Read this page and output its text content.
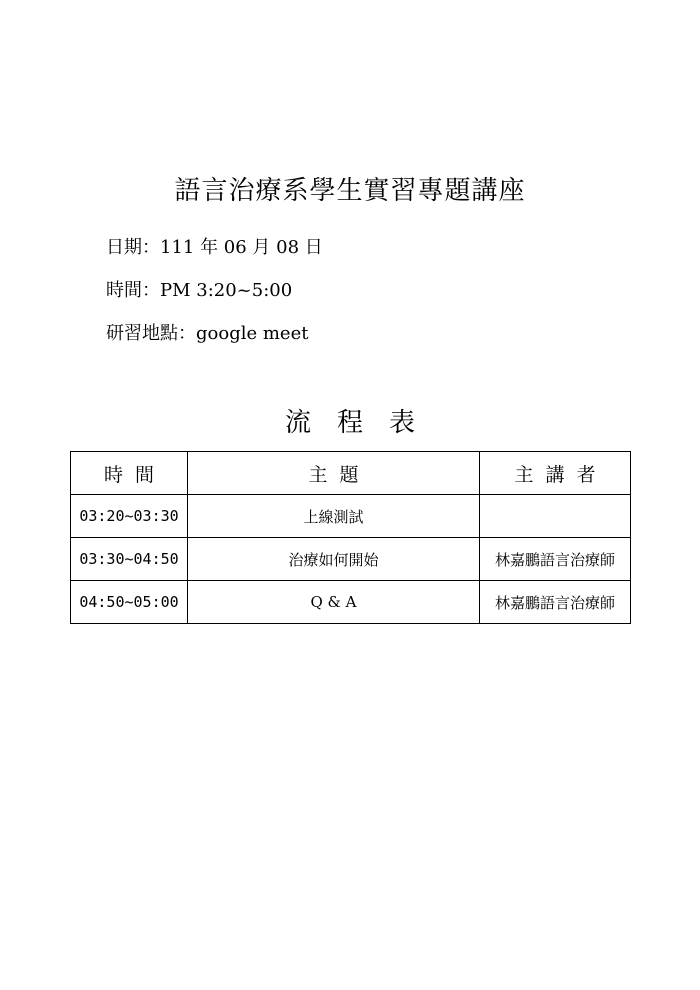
語言治療系學生實習專題講座
日期：111 年 06 月 08 日
時間：PM 3:20~5:00
研習地點：google meet
流程表
時間	主題	主講者
03:20~03:30	上線測試	
03:30~04:50	治療如何開始	林嘉鵬語言治療師
04:50~05:00	Q & A	林嘉鵬語言治療師
